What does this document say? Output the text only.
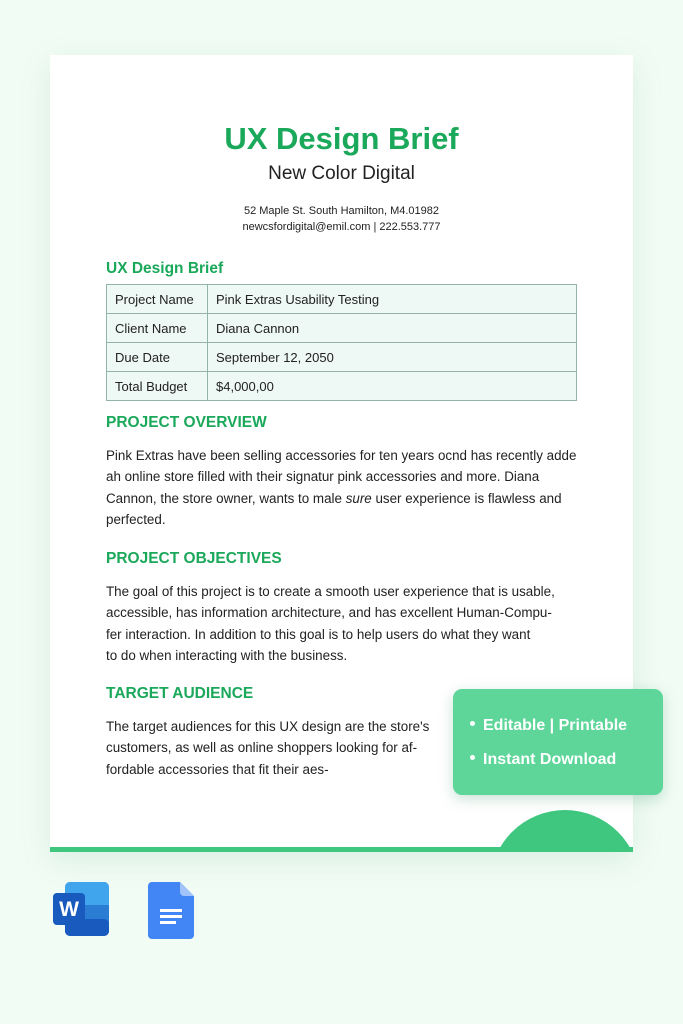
UX Design Brief
New Color Digital
52 Maple St. South Hamilton, M4.01982
newcsfordigital@emil.com | 222.553.777
UX Design Brief
Project Name	Pink Extras Usability Testing
Client Name	Diana Cannon
Due Date	September 12, 2050
Total Budget	$4,000,00
PROJECT OVERVIEW
Pink Extras have been selling accessories for ten years ocnd has recently adde
ah online store filled with their signatur pink accessories and more. Diana
Cannon, the store owner, wants to male sure user experience is flawless and
perfected.
PROJECT OBJECTIVES
The goal of this project is to create a smooth user experience that is usable,
accessible, has information architecture, and has excellent Human-Compu-
fer interaction. In addition to this goal is to help users do what they want
to do when interacting with the business.
TARGET AUDIENCE
The target audiences for this UX design are the store's
customers, as well as online shoppers looking for af-
fordable accessories that fit their aes-
Editable | Printable
Instant Download
W
